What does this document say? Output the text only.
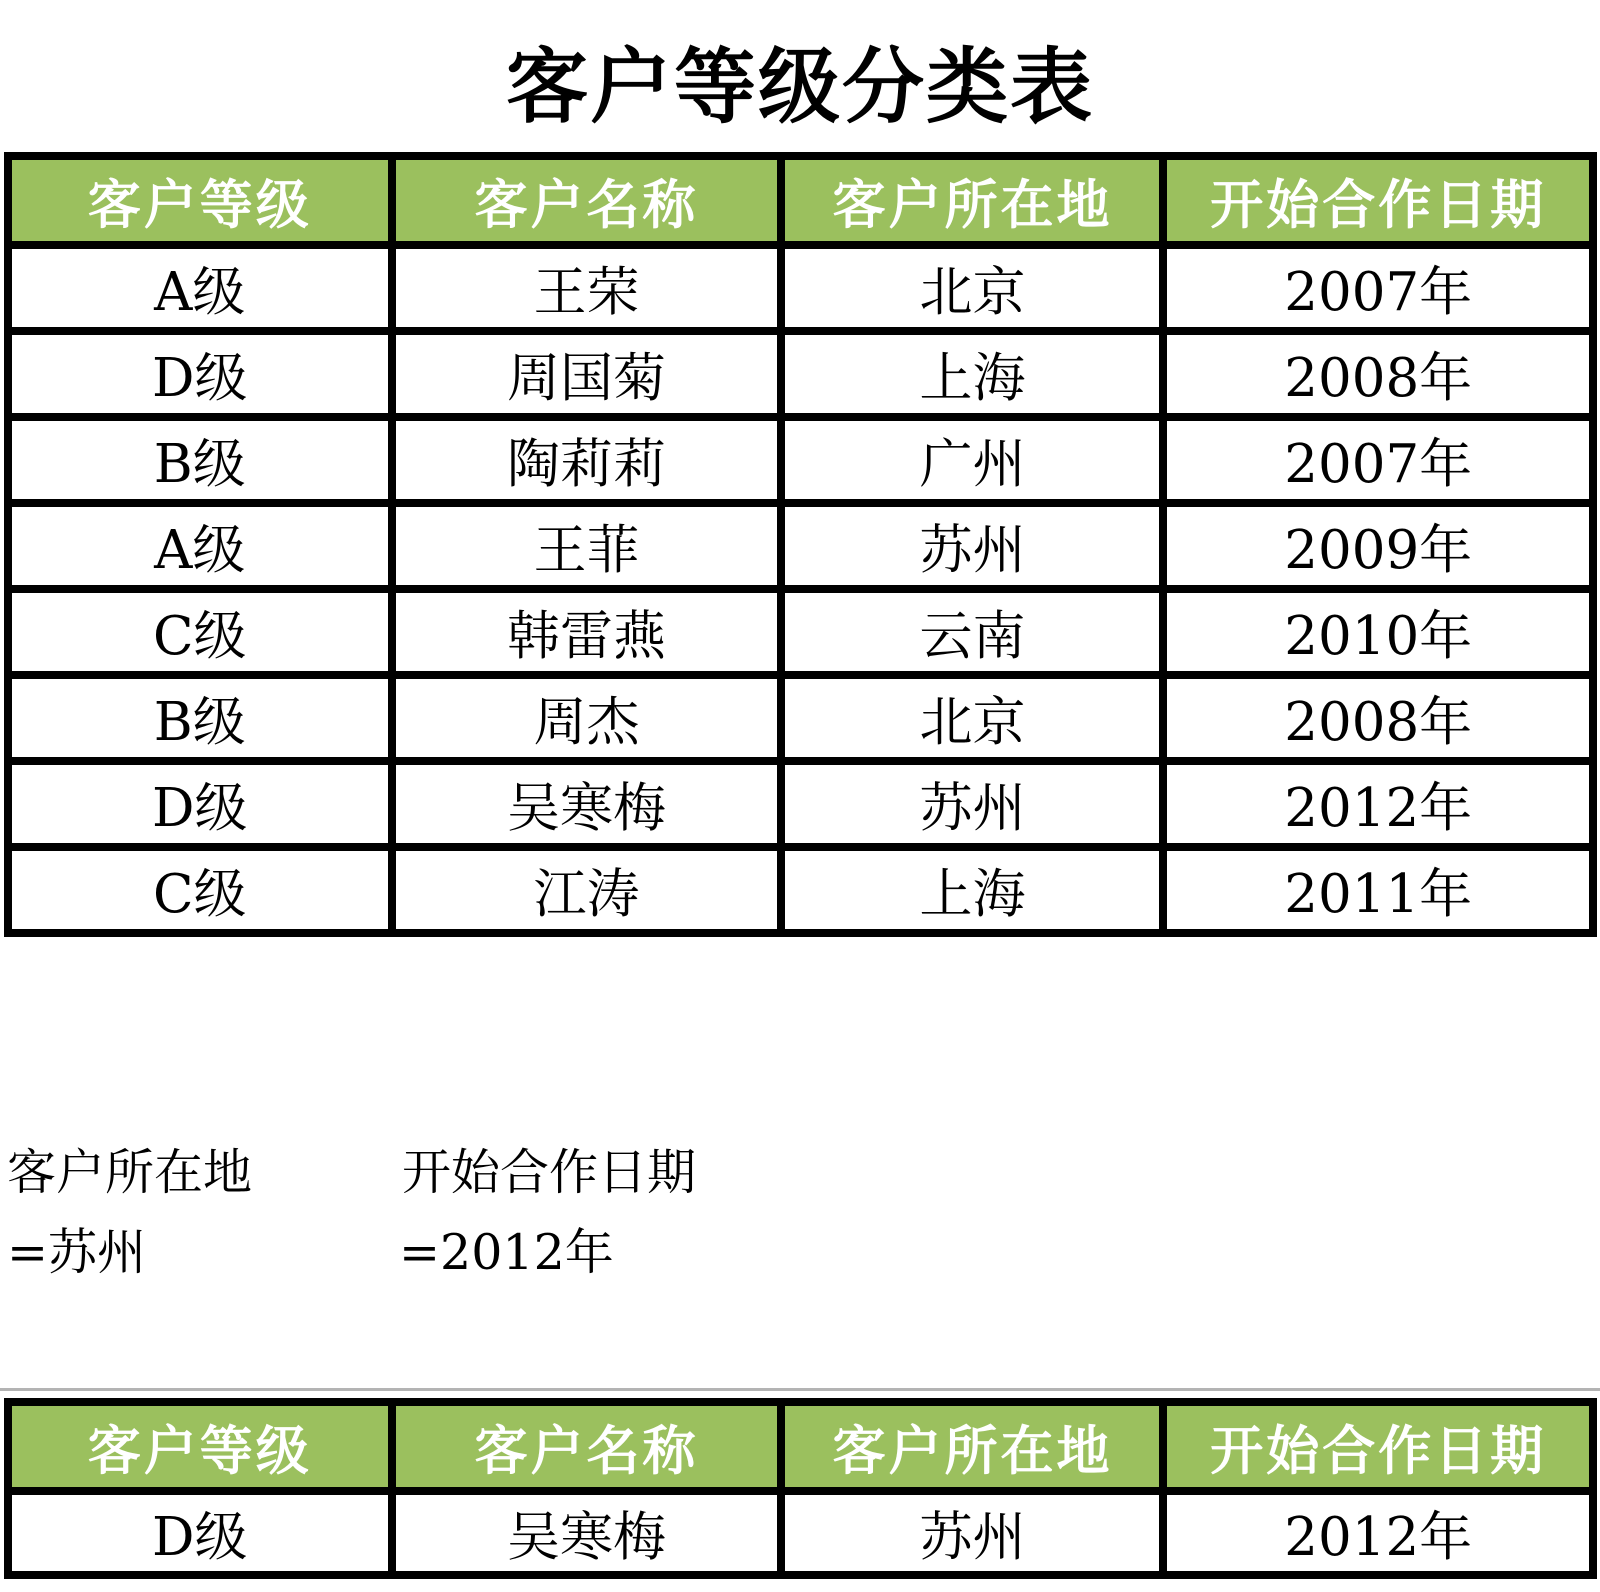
客户等级分类表
客户等级	客户名称	客户所在地	开始合作日期
A级	王荣	北京	2007年
D级	周国菊	上海	2008年
B级	陶莉莉	广州	2007年
A级	王菲	苏州	2009年
C级	韩雷燕	云南	2010年
B级	周杰	北京	2008年
D级	吴寒梅	苏州	2012年
C级	江涛	上海	2011年
客户所在地	开始合作日期
=苏州	=2012年
客户等级	客户名称	客户所在地	开始合作日期
D级	吴寒梅	苏州	2012年
